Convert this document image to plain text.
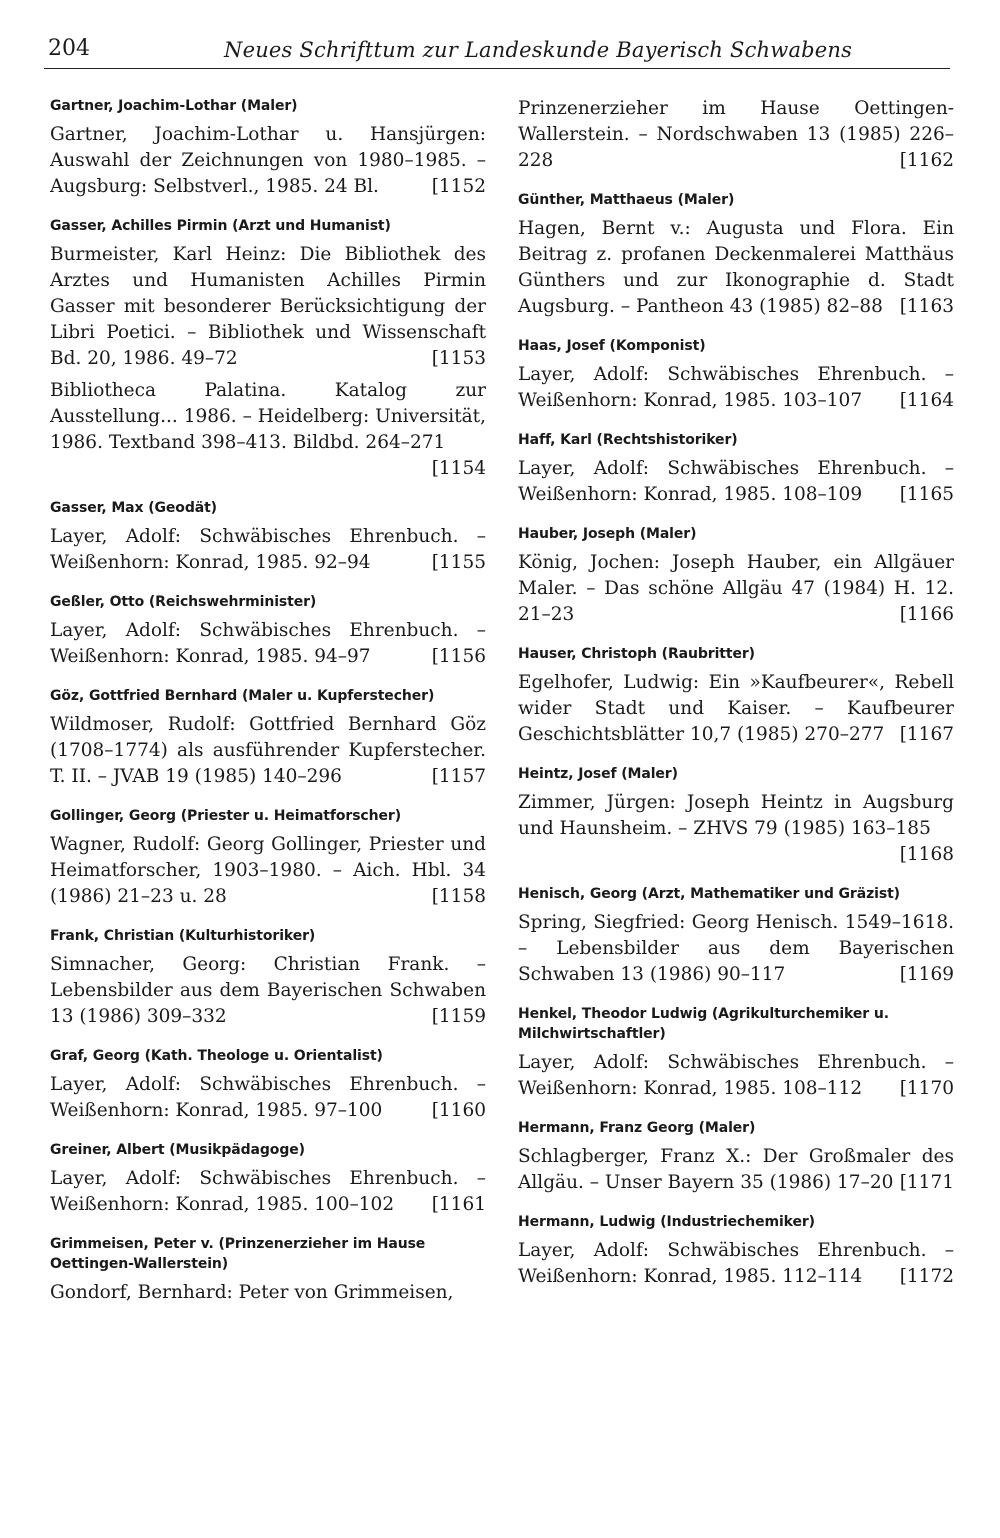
204	Neues Schrifttum zur Landeskunde Bayerisch Schwabens
Gartner, Joachim-Lothar (Maler)
Gartner, Joachim-Lothar u. Hansjürgen: Auswahl der Zeichnungen von 1980–1985. – Augsburg: Selbstverl., 1985. 24 Bl.	[1152
Gasser, Achilles Pirmin (Arzt und Humanist)
Burmeister, Karl Heinz: Die Bibliothek des Arztes und Humanisten Achilles Pirmin Gasser mit besonderer Berücksichtigung der Libri Poetici. – Bibliothek und Wissenschaft Bd. 20, 1986. 49–72	[1153
Bibliotheca Palatina. Katalog zur Ausstellung... 1986. – Heidelberg: Universität, 1986. Textband 398–413. Bildbd. 264–271
[1154
Gasser, Max (Geodät)
Layer, Adolf: Schwäbisches Ehrenbuch. – Weißenhorn: Konrad, 1985. 92–94	[1155
Geßler, Otto (Reichswehrminister)
Layer, Adolf: Schwäbisches Ehrenbuch. – Weißenhorn: Konrad, 1985. 94–97	[1156
Göz, Gottfried Bernhard (Maler u. Kupferstecher)
Wildmoser, Rudolf: Gottfried Bernhard Göz (1708–1774) als ausführender Kupferstecher. T. II. – JVAB 19 (1985) 140–296	[1157
Gollinger, Georg (Priester u. Heimatforscher)
Wagner, Rudolf: Georg Gollinger, Priester und Heimatforscher, 1903–1980. – Aich. Hbl. 34 (1986) 21–23 u. 28	[1158
Frank, Christian (Kulturhistoriker)
Simnacher, Georg: Christian Frank. – Lebensbilder aus dem Bayerischen Schwaben 13 (1986) 309–332	[1159
Graf, Georg (Kath. Theologe u. Orientalist)
Layer, Adolf: Schwäbisches Ehrenbuch. – Weißenhorn: Konrad, 1985. 97–100	[1160
Greiner, Albert (Musikpädagoge)
Layer, Adolf: Schwäbisches Ehrenbuch. – Weißenhorn: Konrad, 1985. 100–102 [1161
Grimmeisen, Peter v. (Prinzenerzieher im Hause Oettingen-Wallerstein)
Gondorf, Bernhard: Peter von Grimmeisen,
Prinzenerzieher im Hause Oettingen-Wallerstein. – Nordschwaben 13 (1985) 226–228	[1162
Günther, Matthaeus (Maler)
Hagen, Bernt v.: Augusta und Flora. Ein Beitrag z. profanen Deckenmalerei Matthäus Günthers und zur Ikonographie d. Stadt Augsburg. – Pantheon 43 (1985) 82–88 [1163
Haas, Josef (Komponist)
Layer, Adolf: Schwäbisches Ehrenbuch. – Weißenhorn: Konrad, 1985. 103–107 [1164
Haff, Karl (Rechtshistoriker)
Layer, Adolf: Schwäbisches Ehrenbuch. – Weißenhorn: Konrad, 1985. 108–109 [1165
Hauber, Joseph (Maler)
König, Jochen: Joseph Hauber, ein Allgäuer Maler. – Das schöne Allgäu 47 (1984) H. 12. 21–23	[1166
Hauser, Christoph (Raubritter)
Egelhofer, Ludwig: Ein »Kaufbeurer«, Rebell wider Stadt und Kaiser. – Kaufbeurer Geschichtsblätter 10,7 (1985) 270–277 [1167
Heintz, Josef (Maler)
Zimmer, Jürgen: Joseph Heintz in Augsburg und Haunsheim. – ZHVS 79 (1985) 163–185
[1168
Henisch, Georg (Arzt, Mathematiker und Gräzist)
Spring, Siegfried: Georg Henisch. 1549–1618. – Lebensbilder aus dem Bayerischen Schwaben 13 (1986) 90–117	[1169
Henkel, Theodor Ludwig (Agrikulturchemiker u. Milchwirtschaftler)
Layer, Adolf: Schwäbisches Ehrenbuch. – Weißenhorn: Konrad, 1985. 108–112 [1170
Hermann, Franz Georg (Maler)
Schlagberger, Franz X.: Der Großmaler des Allgäu. – Unser Bayern 35 (1986) 17–20 [1171
Hermann, Ludwig (Industriechemiker)
Layer, Adolf: Schwäbisches Ehrenbuch. – Weißenhorn: Konrad, 1985. 112–114 [1172
